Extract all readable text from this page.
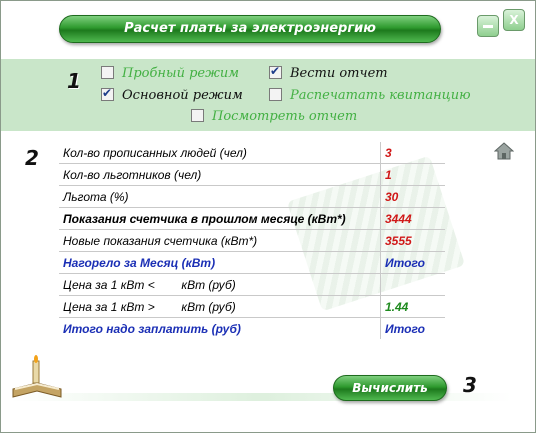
Расчет платы за электроэнергию
X
1	Пробный режим
✔Основной режим
✔Вести отчет
Распечатать квитанцию
Посмотреть отчет
2 Кол-во прописанных людей (чел)	3
Кол-во льготников (чел)	1
Льгота (%)	30
Показания счетчика в прошлом месяце (кВт*)	3444
Новые показания счетчика (кВт*)	3555
Нагорело за Месяц (кВт)	Итого
Цена за 1 кВт <        кВт (руб)	
Цена за 1 кВт >        кВт (руб)	1.44
Итого надо заплатить (руб)	Итого
Вычислить	3
